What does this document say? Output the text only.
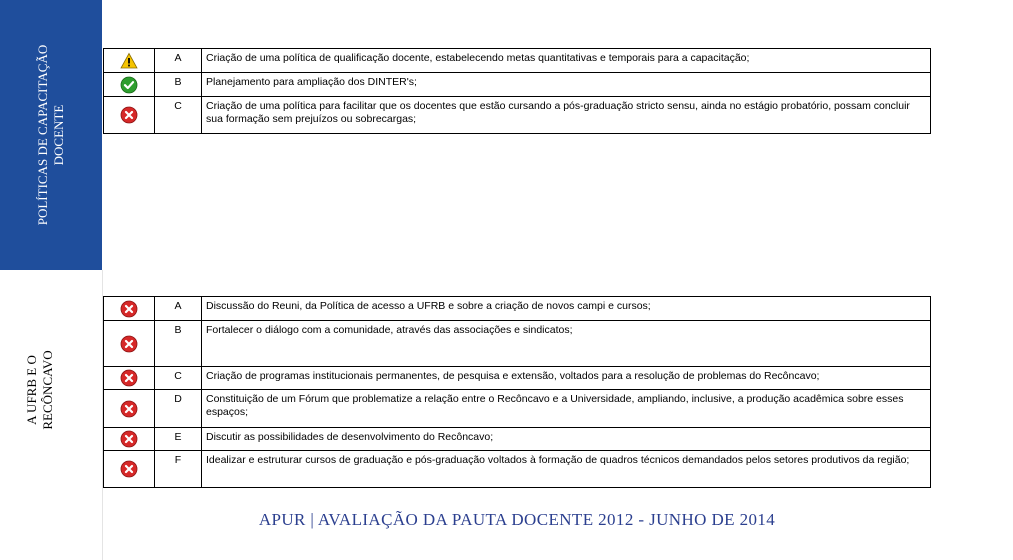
POLÍTICAS DE CAPACITAÇÃO DOCENTE
A UFRB E O RECÔNCAVO
	A	Criação de uma política de qualificação docente, estabelecendo metas quantitativas e temporais para a capacitação;

	B	Planejamento para ampliação dos DINTER's;

	C	Criação de uma política para facilitar que os docentes que estão cursando a pós-graduação stricto sensu, ainda no estágio probatório, possam concluir sua formação sem prejuízos ou sobrecargas;
	A	Discussão do Reuni, da Política de acesso a UFRB e sobre a criação de novos campi e cursos;

	B	Fortalecer o diálogo com a comunidade, através das associações e sindicatos;

	C	Criação de programas institucionais permanentes, de pesquisa e extensão, voltados para a resolução de problemas do Recôncavo;

	D	Constituição de um Fórum que problematize a relação entre o Recôncavo e a Universidade, ampliando, inclusive, a produção acadêmica sobre esses espaços;

	E	Discutir as possibilidades de desenvolvimento do Recôncavo;

	F	Idealizar e estruturar cursos de graduação e pós-graduação voltados à formação de quadros técnicos demandados pelos setores produtivos da região;
APUR | AVALIAÇÃO DA PAUTA DOCENTE 2012 - JUNHO DE 2014
